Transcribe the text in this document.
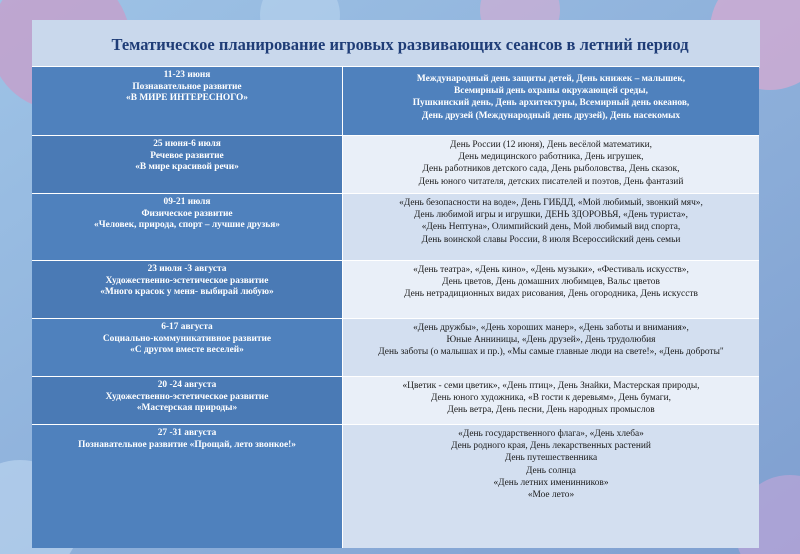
Тематическое планирование игровых развивающих сеансов в летний период
11-23 июня
Познавательное развитие
«В МИРЕ ИНТЕРЕСНОГО»
Международный день защиты детей, День книжек – малышек,
Всемирный день охраны окружающей среды,
Пушкинский день, День архитектуры, Всемирный день океанов,
День друзей (Международный день друзей), День насекомых
25 июня-6 июля
Речевое развитие
«В мире красивой речи»
День России (12 июня), День весёлой математики,
День медицинского работника, День игрушек,
День работников детского сада, День рыболовства, День сказок,
День юного читателя, детских писателей и поэтов, День фантазий
09-21 июля
Физическое развитие
«Человек, природа, спорт – лучшие друзья»
«День безопасности на воде», День ГИБДД, «Мой любимый, звонкий мяч»,
День любимой игры и игрушки, ДЕНЬ ЗДОРОВЬЯ, «День туриста»,
«День Нептуна», Олимпийский день, Мой любимый вид спорта,
День воинской славы России, 8 июля Всероссийский день семьи
23 июля -3 августа
Художественно-эстетическое развитие
«Много красок у меня- выбирай любую»
«День театра», «День кино», «День музыки», «Фестиваль искусств»,
День цветов, День домашних любимцев, Вальс цветов
День нетрадиционных видах рисования, День огородника, День искусств
6-17 августа
Социально-коммуникативное развитие
«С другом вместе веселей»
«День дружбы», «День хороших манер», «День заботы и внимания»,
Юные Анниницы, «День друзей», День трудолюбия
День заботы (о малышах и пр.), «Мы самые главные люди на свете!», «День доброты"
20 -24 августа
Художественно-эстетическое развитие
«Мастерская природы»
«Цветик - семи цветик», «День птиц», День Знайки, Мастерская природы,
День юного художника, «В гости к деревьям», День бумаги,
День ветра, День песни, День народных промыслов
27 -31 августа
Познавательное развитие «Прощай, лето звонкое!»
«День государственного флага», «День хлеба»
День родного края, День лекарственных растений
День путешественника
День солнца
«День летних именинников»
«Мое лето»
